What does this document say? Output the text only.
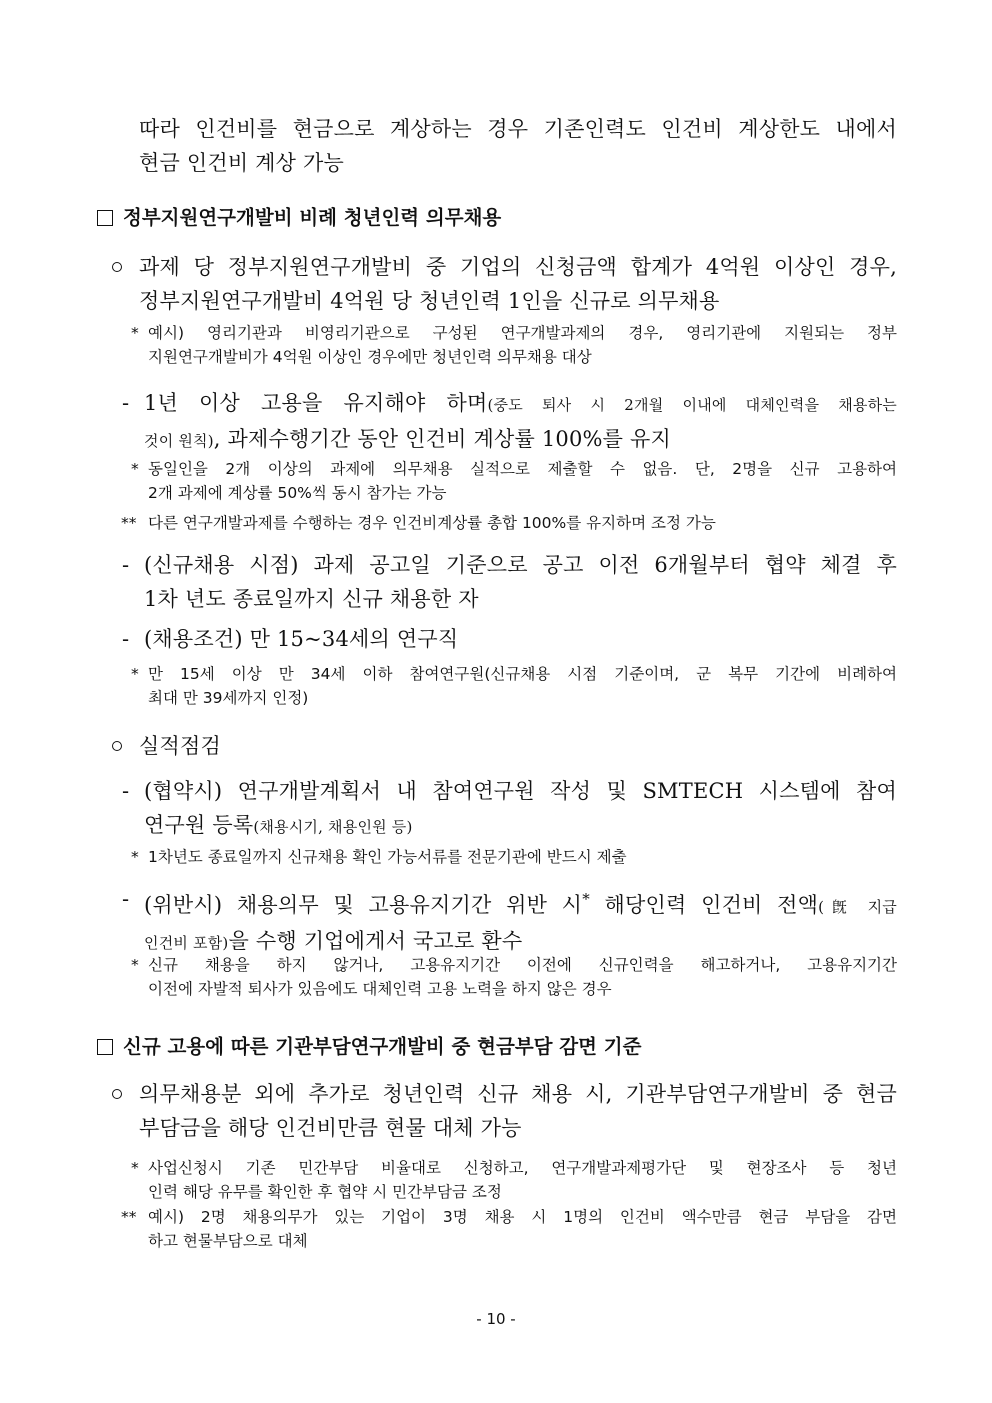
따라 인건비를 현금으로 계상하는 경우 기존인력도 인건비 계상한도 내에서
현금 인건비 계상 가능
정부지원연구개발비 비례 청년인력 의무채용
과제 당 정부지원연구개발비 중 기업의 신청금액 합계가 4억원 이상인 경우,
정부지원연구개발비 4억원 당 청년인력 1인을 신규로 의무채용
* 예시) 영리기관과 비영리기관으로 구성된 연구개발과제의 경우, 영리기관에 지원되는 정부
지원연구개발비가 4억원 이상인 경우에만 청년인력 의무채용 대상
- 1년 이상 고용을 유지해야 하며(중도 퇴사 시 2개월 이내에 대체인력을 채용하는
것이 원칙), 과제수행기간 동안 인건비 계상률 100%를 유지
* 동일인을 2개 이상의 과제에 의무채용 실적으로 제출할 수 없음. 단, 2명을 신규 고용하여
2개 과제에 계상률 50%씩 동시 참가는 가능
** 다른 연구개발과제를 수행하는 경우 인건비계상률 총합 100%를 유지하며 조정 가능
- (신규채용 시점) 과제 공고일 기준으로 공고 이전 6개월부터 협약 체결 후
1차 년도 종료일까지 신규 채용한 자
- (채용조건) 만 15~34세의 연구직
* 만 15세 이상 만 34세 이하 참여연구원(신규채용 시점 기준이며, 군 복무 기간에 비례하여
최대 만 39세까지 인정)
실적점검
- (협약시) 연구개발계획서 내 참여연구원 작성 및 SMTECH 시스템에 참여
연구원 등록(채용시기, 채용인원 등)
* 1차년도 종료일까지 신규채용 확인 가능서류를 전문기관에 반드시 제출
- (위반시) 채용의무 및 고용유지기간 위반 시* 해당인력 인건비 전액(旣 지급
인건비 포함)을 수행 기업에게서 국고로 환수
* 신규 채용을 하지 않거나, 고용유지기간 이전에 신규인력을 해고하거나, 고용유지기간
이전에 자발적 퇴사가 있음에도 대체인력 고용 노력을 하지 않은 경우
신규 고용에 따른 기관부담연구개발비 중 현금부담 감면 기준
의무채용분 외에 추가로 청년인력 신규 채용 시, 기관부담연구개발비 중 현금
부담금을 해당 인건비만큼 현물 대체 가능
* 사업신청시 기존 민간부담 비율대로 신청하고, 연구개발과제평가단 및 현장조사 등 청년
인력 해당 유무를 확인한 후 협약 시 민간부담금 조정
** 예시) 2명 채용의무가 있는 기업이 3명 채용 시 1명의 인건비 액수만큼 현금 부담을 감면
하고 현물부담으로 대체
- 10 -
